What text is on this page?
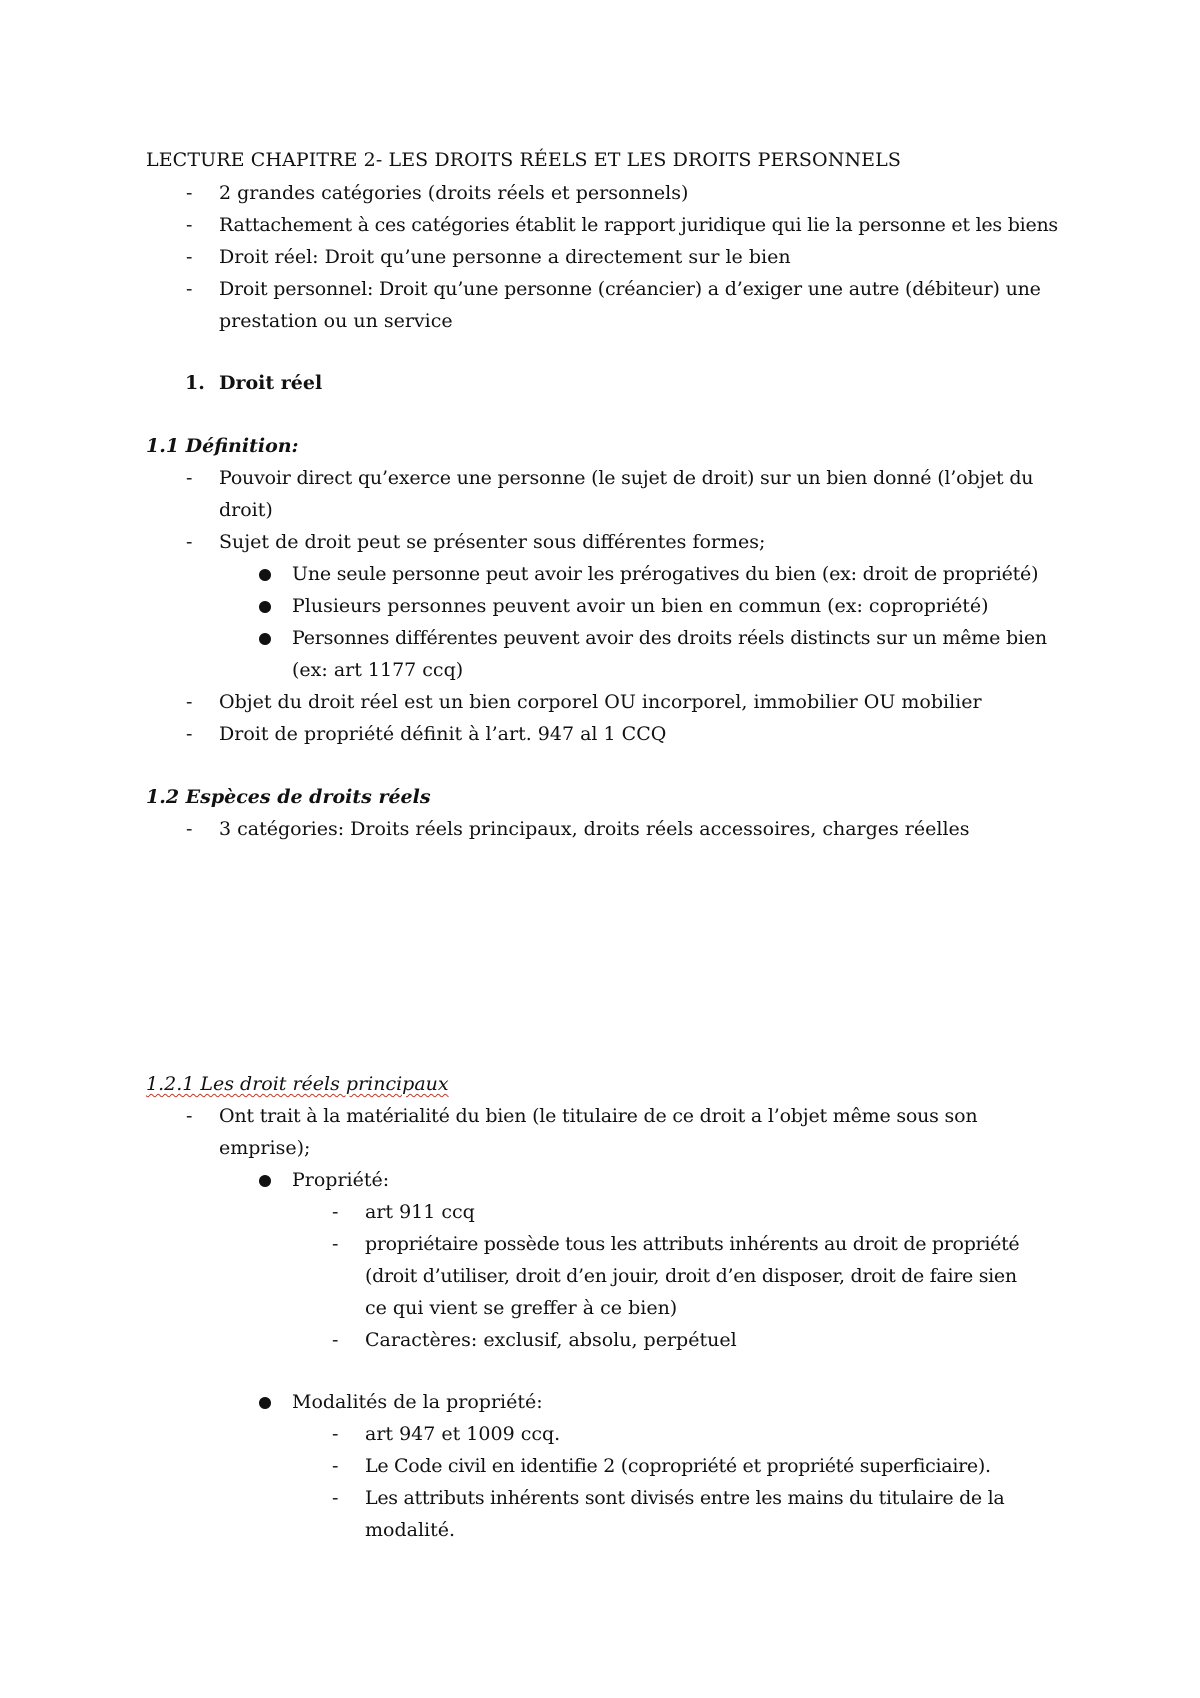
LECTURE CHAPITRE 2- LES DROITS RÉELS ET LES DROITS PERSONNELS
- 2 grandes catégories (droits réels et personnels)
- Rattachement à ces catégories établit le rapport juridique qui lie la personne et les biens
- Droit réel: Droit qu’une personne a directement sur le bien
- Droit personnel: Droit qu’une personne (créancier) a d’exiger une autre (débiteur) une
prestation ou un service
1. Droit réel
1.1 Définition:
- Pouvoir direct qu’exerce une personne (le sujet de droit) sur un bien donné (l’objet du
droit)
- Sujet de droit peut se présenter sous différentes formes;
Une seule personne peut avoir les prérogatives du bien (ex: droit de propriété)
Plusieurs personnes peuvent avoir un bien en commun (ex: copropriété)
Personnes différentes peuvent avoir des droits réels distincts sur un même bien
(ex: art 1177 ccq)
- Objet du droit réel est un bien corporel OU incorporel, immobilier OU mobilier
- Droit de propriété définit à l’art. 947 al 1 CCQ
1.2 Espèces de droits réels
- 3 catégories: Droits réels principaux, droits réels accessoires, charges réelles
1.2.1 Les droit réels principaux
- Ont trait à la matérialité du bien (le titulaire de ce droit a l’objet même sous son
emprise);
Propriété:
- art 911 ccq
- propriétaire possède tous les attributs inhérents au droit de propriété
(droit d’utiliser, droit d’en jouir, droit d’en disposer, droit de faire sien
ce qui vient se greffer à ce bien)
- Caractères: exclusif, absolu, perpétuel
Modalités de la propriété:
- art 947 et 1009 ccq.
- Le Code civil en identifie 2 (copropriété et propriété superficiaire).
- Les attributs inhérents sont divisés entre les mains du titulaire de la
modalité.
